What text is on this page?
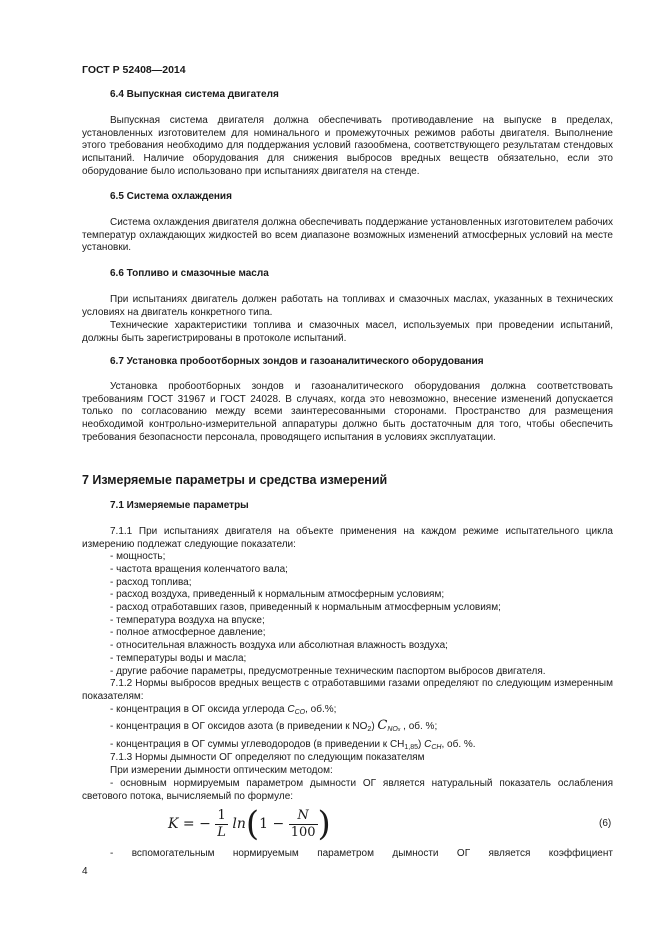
ГОСТ Р 52408—2014
6.4 Выпускная система двигателя

Выпускная система двигателя должна обеспечивать противодавление на выпуске в пределах, установленных изготовителем для номинального и промежуточных режимов работы двигателя. Выполнение этого требования необходимо для поддержания условий газообмена, соответствующего результатам стендовых испытаний. Наличие оборудования для снижения выбросов вредных веществ обязательно, если это оборудование было использовано при испытаниях двигателя на стенде.

6.5 Система охлаждения

Система охлаждения двигателя должна обеспечивать поддержание установленных изготовителем рабочих температур охлаждающих жидкостей во всем диапазоне возможных изменений атмосферных условий на месте установки.

6.6 Топливо и смазочные масла

При испытаниях двигатель должен работать на топливах и смазочных маслах, указанных в технических условиях на двигатель конкретного типа.

Технические характеристики топлива и смазочных масел, используемых при проведении испытаний, должны быть зарегистрированы в протоколе испытаний.

6.7 Установка пробоотборных зондов и газоаналитического оборудования

Установка пробоотборных зондов и газоаналитического оборудования должна соответствовать требованиям ГОСТ 31967 и ГОСТ 24028. В случаях, когда это невозможно, внесение изменений допускается только по согласованию между всеми заинтересованными сторонами. Пространство для размещения необходимой контрольно-измерительной аппаратуры должно быть достаточным для того, чтобы обеспечить требования безопасности персонала, проводящего испытания в условиях эксплуатации.

7 Измеряемые параметры и средства измерений
7.1 Измеряемые параметры

7.1.1 При испытаниях двигателя на объекте применения на каждом режиме испытательного цикла измерению подлежат следующие показатели:

- мощность;
- частота вращения коленчатого вала;
- расход топлива;
- расход воздуха, приведенный к нормальным атмосферным условиям;
- расход отработавших газов, приведенный к нормальным атмосферным условиям;
- температура воздуха на впуске;
- полное атмосферное давление;
- относительная влажность воздуха или абсолютная влажность воздуха;
- температуры воды и масла;
- другие рабочие параметры, предусмотренные техническим паспортом выбросов двигателя.

7.1.2 Нормы выбросов вредных веществ с отработавшими газами определяют по следующим измеренным показателям:

- концентрация в ОГ оксида углерода $C_{CO}$, об.%;
- концентрация в ОГ оксидов азота (в приведении к $NO_2$) $C_{NOx}$ , об. %;
- концентрация в ОГ суммы углеводородов (в приведении к $CH_{1,85}$) $C_{CH}$, об. %.
7.1.3 Нормы дымности ОГ определяют по следующим показателям
При измерении дымности оптическим методом:

- основным нормируемым параметром дымности ОГ является натуральный показатель ослабления светового потока, вычисляемый по формуле:

K = − $\frac{1}{L} \ln(1 - \frac{N}{100}$ )	(6)
- вспомогательным нормируемым параметром дымности ОГ является коэффициент
4
